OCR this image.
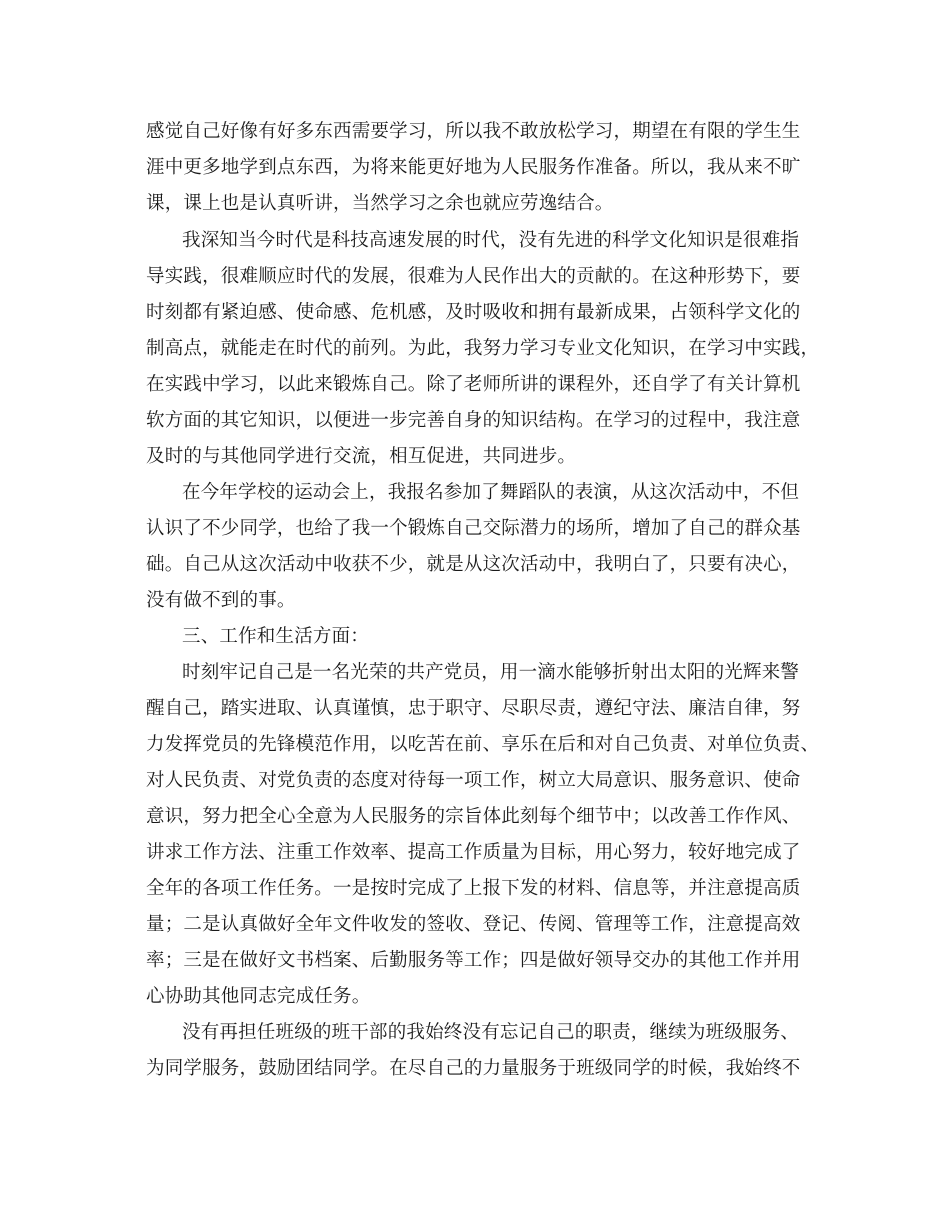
感觉自己好像有好多东西需要学习，所以我不敢放松学习，期望在有限的学生生
涯中更多地学到点东西，为将来能更好地为人民服务作准备。所以，我从来不旷
课，课上也是认真听讲，当然学习之余也就应劳逸结合。
我深知当今时代是科技高速发展的时代，没有先进的科学文化知识是很难指
导实践，很难顺应时代的发展，很难为人民作出大的贡献的。在这种形势下，要
时刻都有紧迫感、使命感、危机感，及时吸收和拥有最新成果，占领科学文化的
制高点，就能走在时代的前列。为此，我努力学习专业文化知识，在学习中实践，
在实践中学习，以此来锻炼自己。除了老师所讲的课程外，还自学了有关计算机
软方面的其它知识，以便进一步完善自身的知识结构。在学习的过程中，我注意
及时的与其他同学进行交流，相互促进，共同进步。
在今年学校的运动会上，我报名参加了舞蹈队的表演，从这次活动中，不但
认识了不少同学，也给了我一个锻炼自己交际潜力的场所，增加了自己的群众基
础。自己从这次活动中收获不少，就是从这次活动中，我明白了，只要有决心，
没有做不到的事。
三、工作和生活方面：
时刻牢记自己是一名光荣的共产党员，用一滴水能够折射出太阳的光辉来警
醒自己，踏实进取、认真谨慎，忠于职守、尽职尽责，遵纪守法、廉洁自律，努
力发挥党员的先锋模范作用，以吃苦在前、享乐在后和对自己负责、对单位负责、
对人民负责、对党负责的态度对待每一项工作，树立大局意识、服务意识、使命
意识，努力把全心全意为人民服务的宗旨体此刻每个细节中；以改善工作作风、
讲求工作方法、注重工作效率、提高工作质量为目标，用心努力，较好地完成了
全年的各项工作任务。一是按时完成了上报下发的材料、信息等，并注意提高质
量；二是认真做好全年文件收发的签收、登记、传阅、管理等工作，注意提高效
率；三是在做好文书档案、后勤服务等工作；四是做好领导交办的其他工作并用
心协助其他同志完成任务。
没有再担任班级的班干部的我始终没有忘记自己的职责，继续为班级服务、
为同学服务，鼓励团结同学。在尽自己的力量服务于班级同学的时候，我始终不
